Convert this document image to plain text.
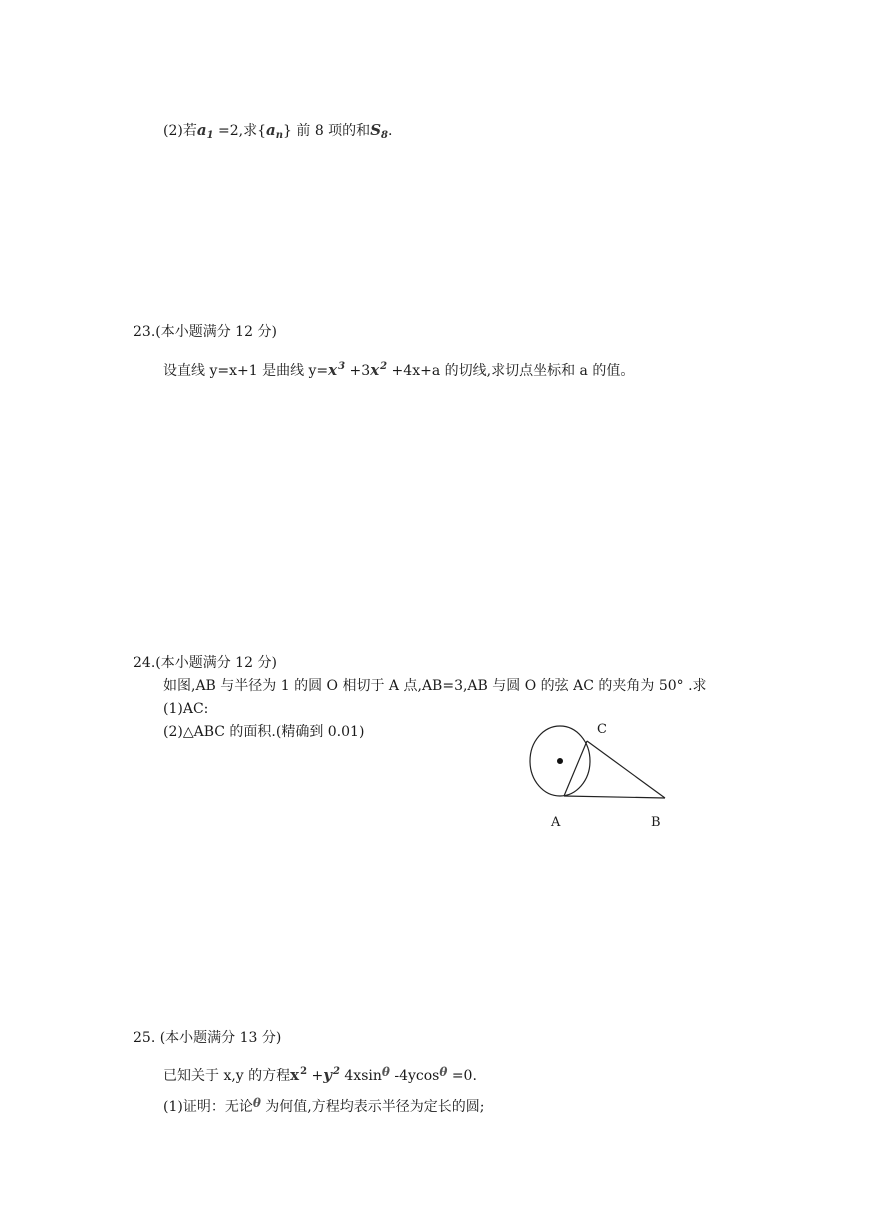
(2)若$a_1 =2$,求$\{a_n\}$ 前 8 项的和$S_8$.
23.(本小题满分 12 分)
设直线 y=x+1 是曲线 $y=x^3 +3x^2 +4x+a$ 的切线,求切点坐标和 a 的值。
24.(本小题满分 12 分)
如图,AB 与半径为 1 的圆 O 相切于 A 点,AB=3,AB 与圆 O 的弦 AC 的夹角为 50° .求
(1)AC:
(2)△ABC 的面积.(精确到 0.01)	C
A	B
25. (本小题满分 13 分)
已知关于 x,y 的方程$x^2 +y^2$ 4xsinθ -4ycosθ =0.
(1)证明：无论θ 为何值,方程均表示半径为定长的圆;
